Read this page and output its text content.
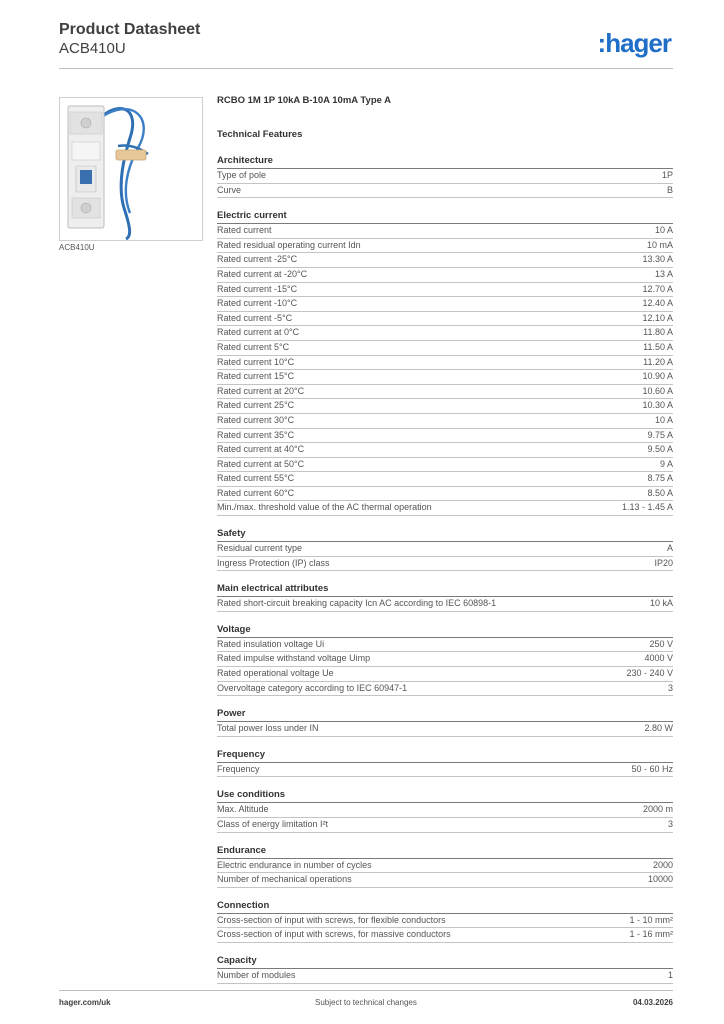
Product Datasheet
ACB410U	:hager
ACB410U
RCBO 1M 1P 10kA B-10A 10mA Type A
Technical Features
Architecture
Type of pole	1P
Curve	B
Electric current
Rated current	10 A
Rated residual operating current Idn	10 mA
Rated current -25°C	13.30 A
Rated current at -20°C	13 A
Rated current -15°C	12.70 A
Rated current -10°C	12.40 A
Rated current -5°C	12.10 A
Rated current at 0°C	11.80 A
Rated current 5°C	11.50 A
Rated current 10°C	11.20 A
Rated current 15°C	10.90 A
Rated current at 20°C	10.60 A
Rated current 25°C	10.30 A
Rated current 30°C	10 A
Rated current 35°C	9.75 A
Rated current at 40°C	9.50 A
Rated current at 50°C	9 A
Rated current 55°C	8.75 A
Rated current 60°C	8.50 A
Min./max. threshold value of the AC thermal operation	1.13 - 1.45 A
Safety
Residual current type	A
Ingress Protection (IP) class	IP20
Main electrical attributes
Rated short-circuit breaking capacity Icn AC according to IEC 60898-1	10 kA
Voltage
Rated insulation voltage Ui	250 V
Rated impulse withstand voltage Uimp	4000 V
Rated operational voltage Ue	230 - 240 V
Overvoltage category according to IEC 60947-1	3
Power
Total power loss under IN	2.80 W
Frequency
Frequency	50 - 60 Hz
Use conditions
Max. Altitude	2000 m
Class of energy limitation I²t	3
Endurance
Electric endurance in number of cycles	2000
Number of mechanical operations	10000
Connection
Cross-section of input with screws, for flexible conductors	1 - 10 mm²
Cross-section of input with screws, for massive conductors	1 - 16 mm²
Capacity
Number of modules	1
hager.com/uk	Subject to technical changes	04.03.2026
